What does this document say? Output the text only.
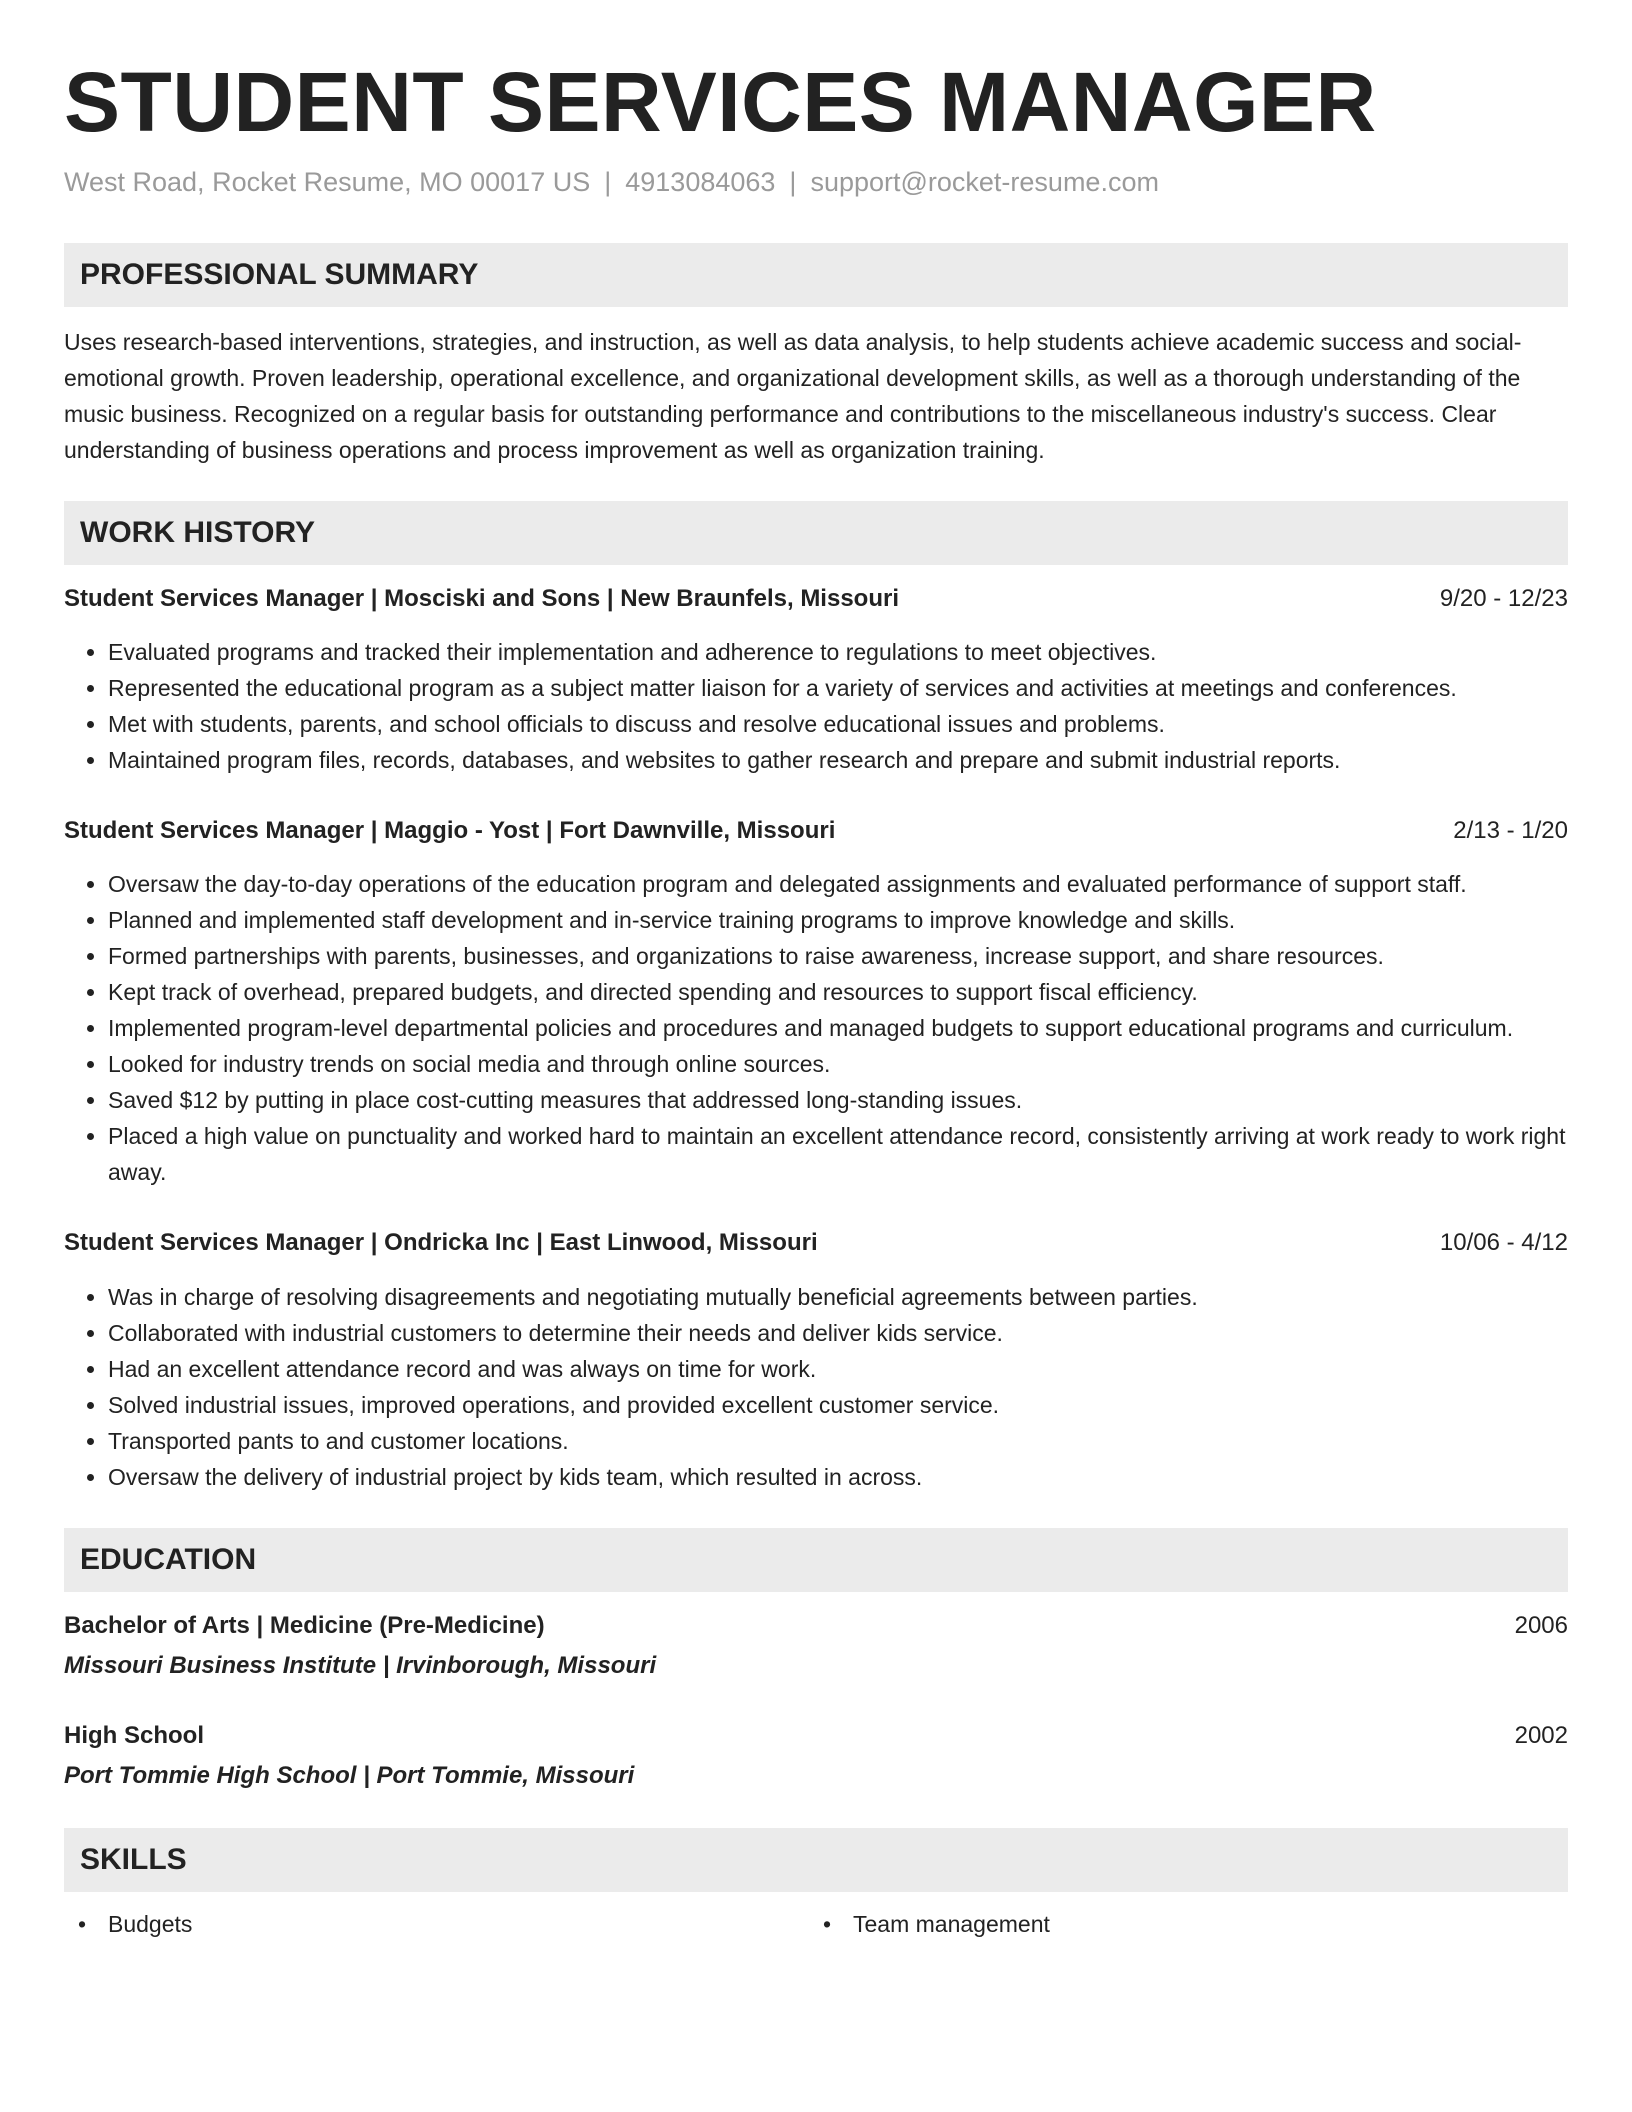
STUDENT SERVICES MANAGER
West Road, Rocket Resume, MO 00017 US | 4913084063 | support@rocket-resume.com
PROFESSIONAL SUMMARY
Uses research-based interventions, strategies, and instruction, as well as data analysis, to help students achieve academic success and social-emotional growth. Proven leadership, operational excellence, and organizational development skills, as well as a thorough understanding of the music business. Recognized on a regular basis for outstanding performance and contributions to the miscellaneous industry's success. Clear understanding of business operations and process improvement as well as organization training.
WORK HISTORY
Student Services Manager | Mosciski and Sons | New Braunfels, Missouri	9/20 - 12/23
• Evaluated programs and tracked their implementation and adherence to regulations to meet objectives.
• Represented the educational program as a subject matter liaison for a variety of services and activities at meetings and conferences.
• Met with students, parents, and school officials to discuss and resolve educational issues and problems.
• Maintained program files, records, databases, and websites to gather research and prepare and submit industrial reports.
Student Services Manager | Maggio - Yost | Fort Dawnville, Missouri	2/13 - 1/20
• Oversaw the day-to-day operations of the education program and delegated assignments and evaluated performance of support staff.
• Planned and implemented staff development and in-service training programs to improve knowledge and skills.
• Formed partnerships with parents, businesses, and organizations to raise awareness, increase support, and share resources.
• Kept track of overhead, prepared budgets, and directed spending and resources to support fiscal efficiency.
• Implemented program-level departmental policies and procedures and managed budgets to support educational programs and curriculum.
• Looked for industry trends on social media and through online sources.
• Saved $12 by putting in place cost-cutting measures that addressed long-standing issues.
• Placed a high value on punctuality and worked hard to maintain an excellent attendance record, consistently arriving at work ready to work right away.
Student Services Manager | Ondricka Inc | East Linwood, Missouri	10/06 - 4/12
• Was in charge of resolving disagreements and negotiating mutually beneficial agreements between parties.
• Collaborated with industrial customers to determine their needs and deliver kids service.
• Had an excellent attendance record and was always on time for work.
• Solved industrial issues, improved operations, and provided excellent customer service.
• Transported pants to and customer locations.
• Oversaw the delivery of industrial project by kids team, which resulted in across.
EDUCATION
Bachelor of Arts | Medicine (Pre-Medicine)	2006
Missouri Business Institute | Irvinborough, Missouri
High School	2002
Port Tommie High School | Port Tommie, Missouri
SKILLS
• Budgets
•	Team management
